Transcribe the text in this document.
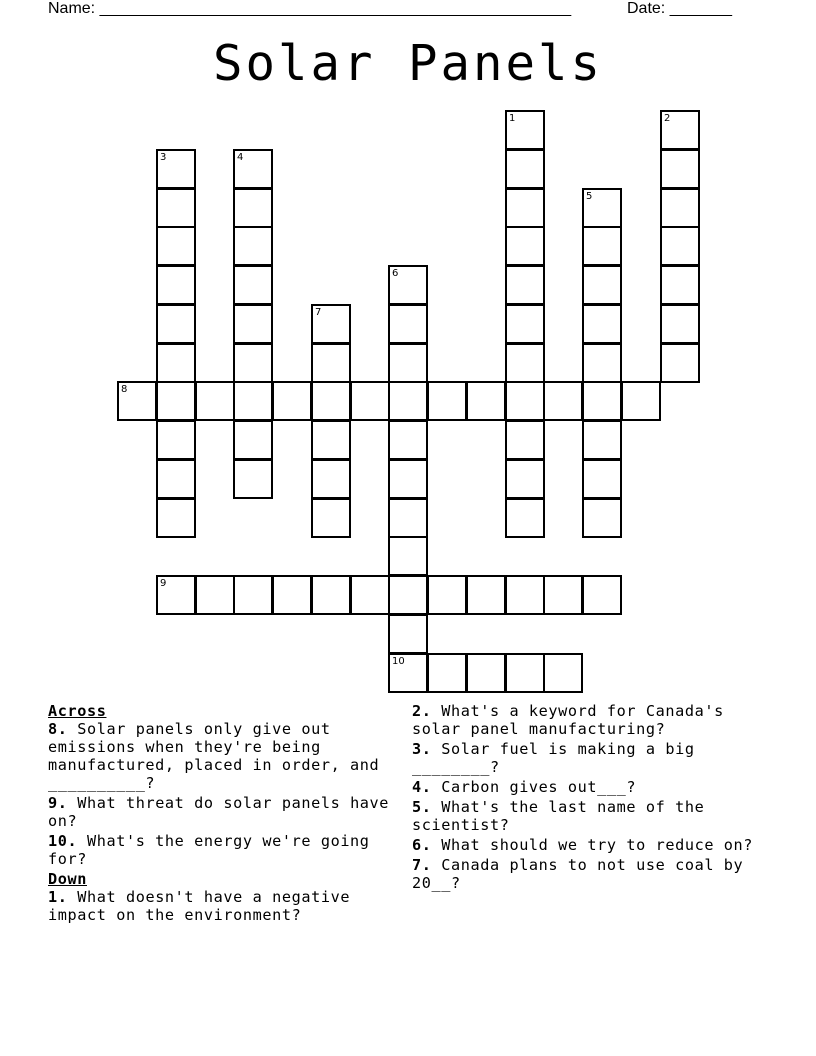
Name: _____________________________________________________	Date: _______
Solar Panels
1	2
3	4
5
6
10
7
8
9
Across
8. Solar panels only give out emissions when they're being manufactured, placed in order, and __________?
9. What threat do solar panels have on?
10. What's the energy we're going for?
Down
1. What doesn't have a negative impact on the environment?
2. What's a keyword for Canada's solar panel manufacturing?
3. Solar fuel is making a big ________?
4. Carbon gives out___?
5. What's the last name of the scientist?
6. What should we try to reduce on?
7. Canada plans to not use coal by 20__?
